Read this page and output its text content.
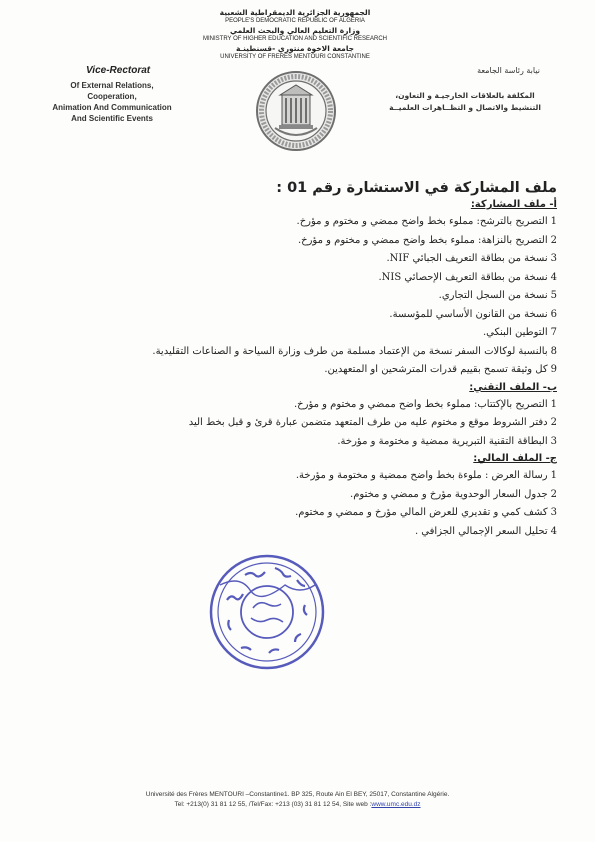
الجمهورية الجزائرية الديمقراطية الشعبية
PEOPLE'S DEMOCRATIC REPUBLIC OF ALGERIA
وزارة التعليم العالي والبحث العلمي
MINISTRY OF HIGHER EDUCATION AND SCIENTIFIC RESEARCH
جامعة الاخوة منتوري -قسنطينـة
UNIVERSITY OF FRERES MENTOURI CONSTANTINE
Vice-Rectorat
Of External Relations, Cooperation,
Animation And Communication
And Scientific Events
نيابة رئاسة الجامعة
المكلفة بالعلاقات الخارجيـة و التعاون،
التنشيط والاتصال و التظــاهرات العلميــة
ملف المشاركة في الاستشارة رقم 01 :
أ- ملف المشاركة:
1التصريح بالترشح: مملوء بخط واضح ممضي و مختوم و مؤرخ.
2التصريح بالنزاهة: مملوء بخط واضح ممضي و مختوم و مؤرخ.
3نسخة من بطاقة التعريف الجبائي NIF.
4نسخة من بطاقة التعريف الإحصائي NIS.
5نسخة من السجل التجاري.
6نسخة من القانون الأساسي للمؤسسة.
7التوطين البنكي.
8بالنسبة لوكالات السفر نسخة من الإعتماد مسلمة من طرف وزارة السياحة و الصناعات التقليدية.
9كل وثيقة تسمح بقييم قدرات المترشحين او المتعهدين.
ب- الملف التقني:
1التصريح بالإكتتاب: مملوء بخط واضح ممضي و مختوم و مؤرخ.
2دفتر الشروط موقع و مختوم عليه من طرف المتعهد متضمن عبارة قرئ و قبل بخط اليد
3البطاقة التقنية التبريرية ممضية و مختومة و مؤرخة.
ج- الملف المالي:
1رسالة العرض : ملوءة بخط واضح ممضية و مختومة و مؤرخة.
2جدول السعار الوحدوية مؤرخ و ممضي و مختوم.
3كشف كمي و تقديري للعرض المالي مؤرخ و ممضي و مختوم.
4تحليل السعر الإجمالي الجزافي .
Université des Frères MENTOURI –Constantine1. BP 325, Route Ain El BEY, 25017, Constantine Algérie.
Tel: +213(0) 31 81 12 55, /Tel/Fax: +213 (03) 31 81 12 54, Site web :www.umc.edu.dz
